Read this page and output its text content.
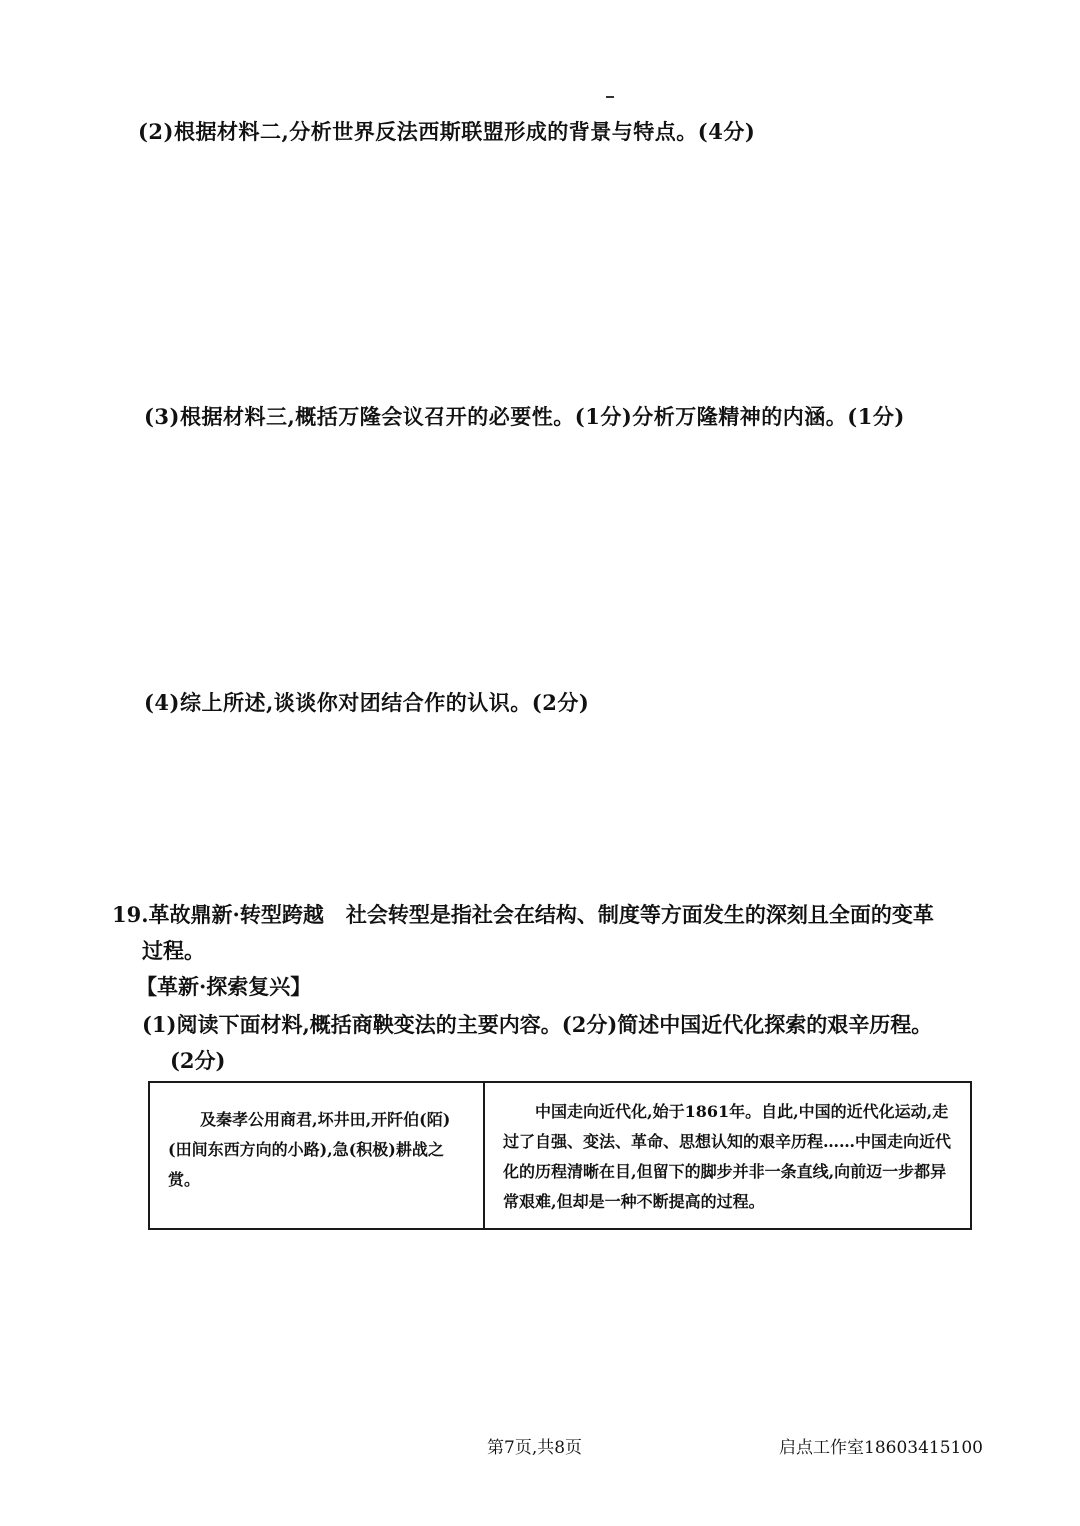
(2)根据材料二,分析世界反法西斯联盟形成的背景与特点。(4分)
(3)根据材料三,概括万隆会议召开的必要性。(1分)分析万隆精神的内涵。(1分)
(4)综上所述,谈谈你对团结合作的认识。(2分)
19.革故鼎新·转型跨越 社会转型是指社会在结构、制度等方面发生的深刻且全面的变革
过程。
【革新·探索复兴】
(1)阅读下面材料,概括商鞅变法的主要内容。(2分)简述中国近代化探索的艰辛历程。
(2分)
及秦孝公用商君,坏井田,开阡伯(陌)(田间东西方向的小路),急(积极)耕战之赏。
中国走向近代化,始于1861年。自此,中国的近代化运动,走过了自强、变法、革命、思想认知的艰辛历程……中国走向近代化的历程清晰在目,但留下的脚步并非一条直线,向前迈一步都异常艰难,但却是一种不断提高的过程。
第7页,共8页	启点工作室18603415100
